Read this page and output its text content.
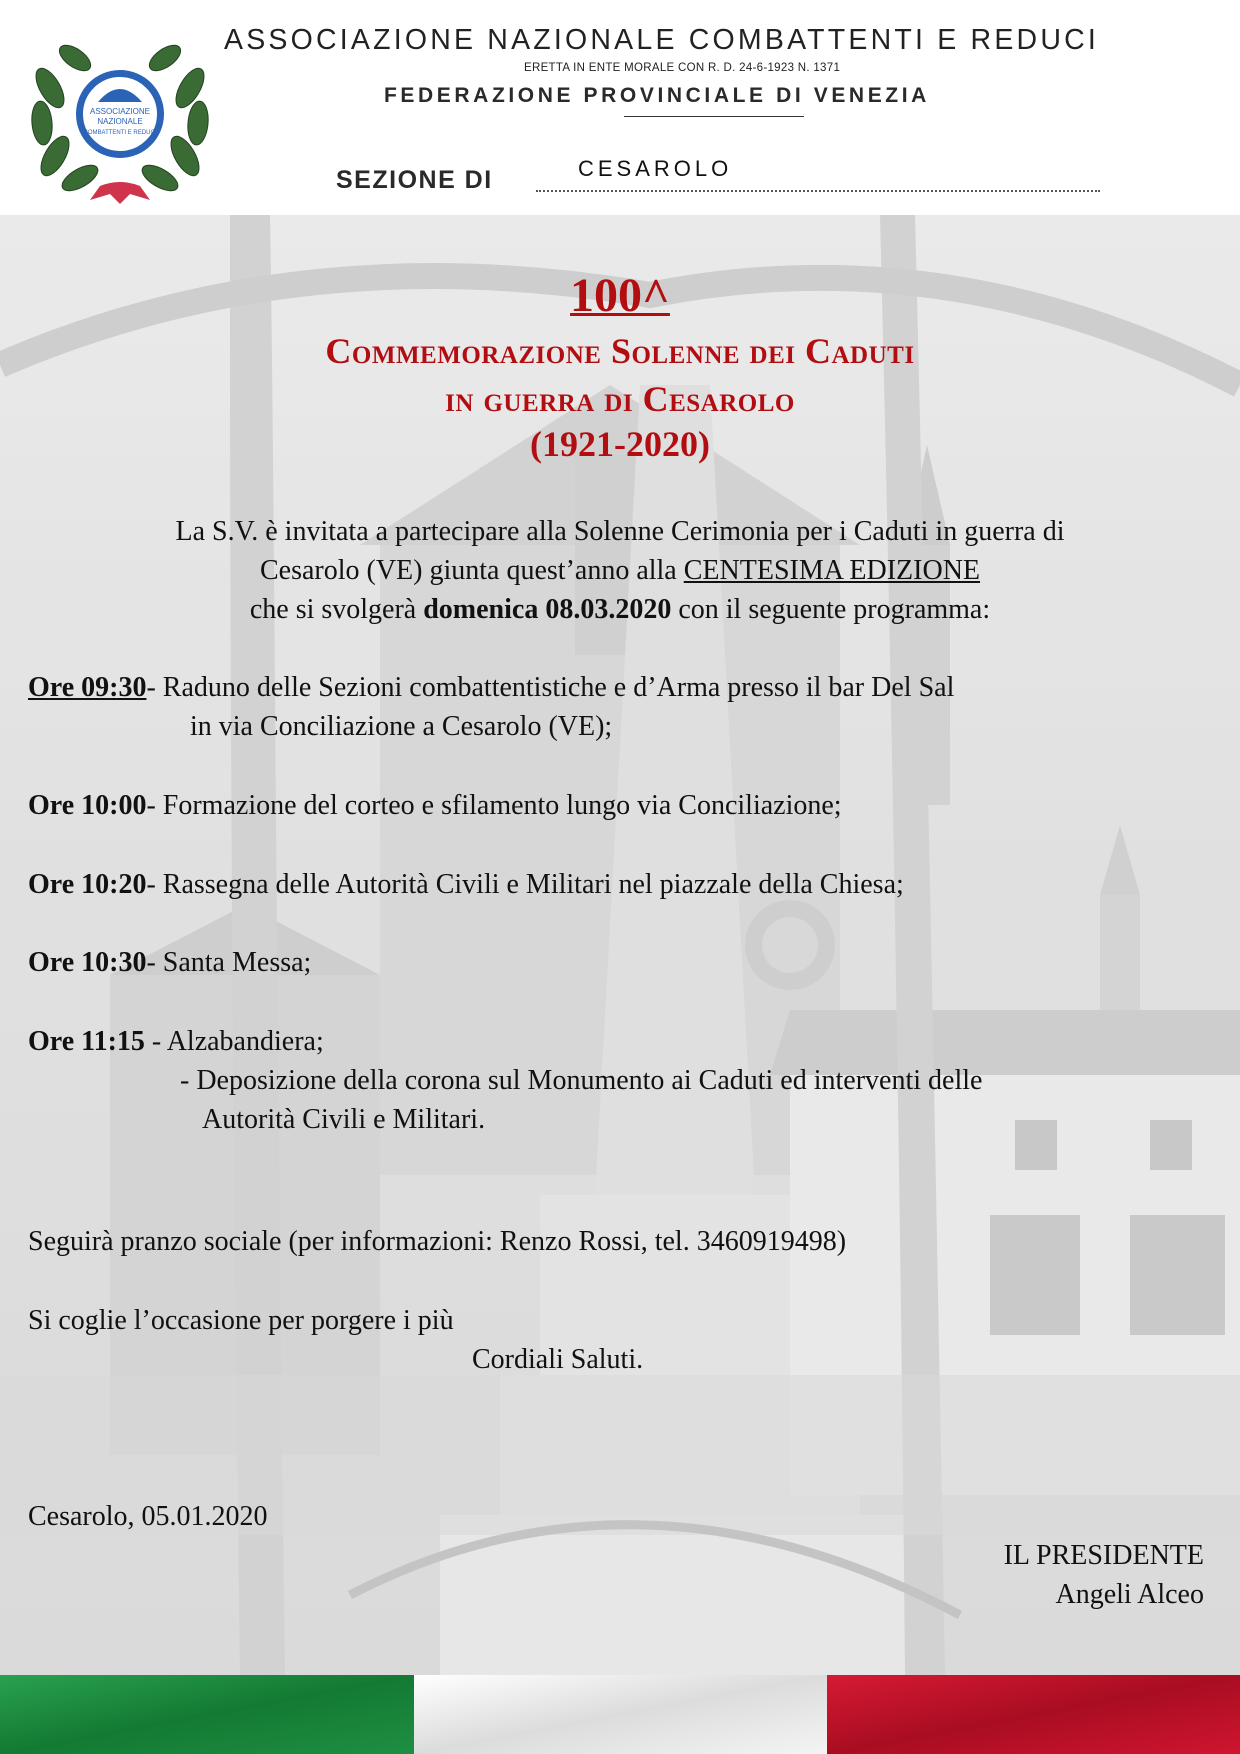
ASSOCIAZIONE
NAZIONALE
COMBATTENTI E REDUCI
ASSOCIAZIONE NAZIONALE COMBATTENTI E REDUCI
ERETTA IN ENTE MORALE CON R. D. 24-6-1923 N. 1371
FEDERAZIONE PROVINCIALE DI VENEZIA
SEZIONE DI	CESAROLO
100^
Commemorazione Solenne dei Caduti
in guerra di Cesarolo
(1921-2020)
La S.V. è invitata a partecipare alla Solenne Cerimonia per i Caduti in guerra di
Cesarolo (VE) giunta quest’anno alla CENTESIMA EDIZIONE
che si svolgerà domenica 08.03.2020 con il seguente programma:
Ore 09:30- Raduno delle Sezioni combattentistiche e d’Arma presso il bar Del Sal
in via Conciliazione a Cesarolo (VE);
Ore 10:00- Formazione del corteo e sfilamento lungo via Conciliazione;
Ore 10:20- Rassegna delle Autorità Civili e Militari nel piazzale della Chiesa;
Ore 10:30- Santa Messa;
Ore 11:15 - Alzabandiera;
- Deposizione della corona sul Monumento ai Caduti ed interventi delle
Autorità Civili e Militari.
Seguirà pranzo sociale (per informazioni: Renzo Rossi, tel. 3460919498)
Si coglie l’occasione per porgere i più
Cordiali Saluti.
Cesarolo, 05.01.2020
IL PRESIDENTE
Angeli Alceo
